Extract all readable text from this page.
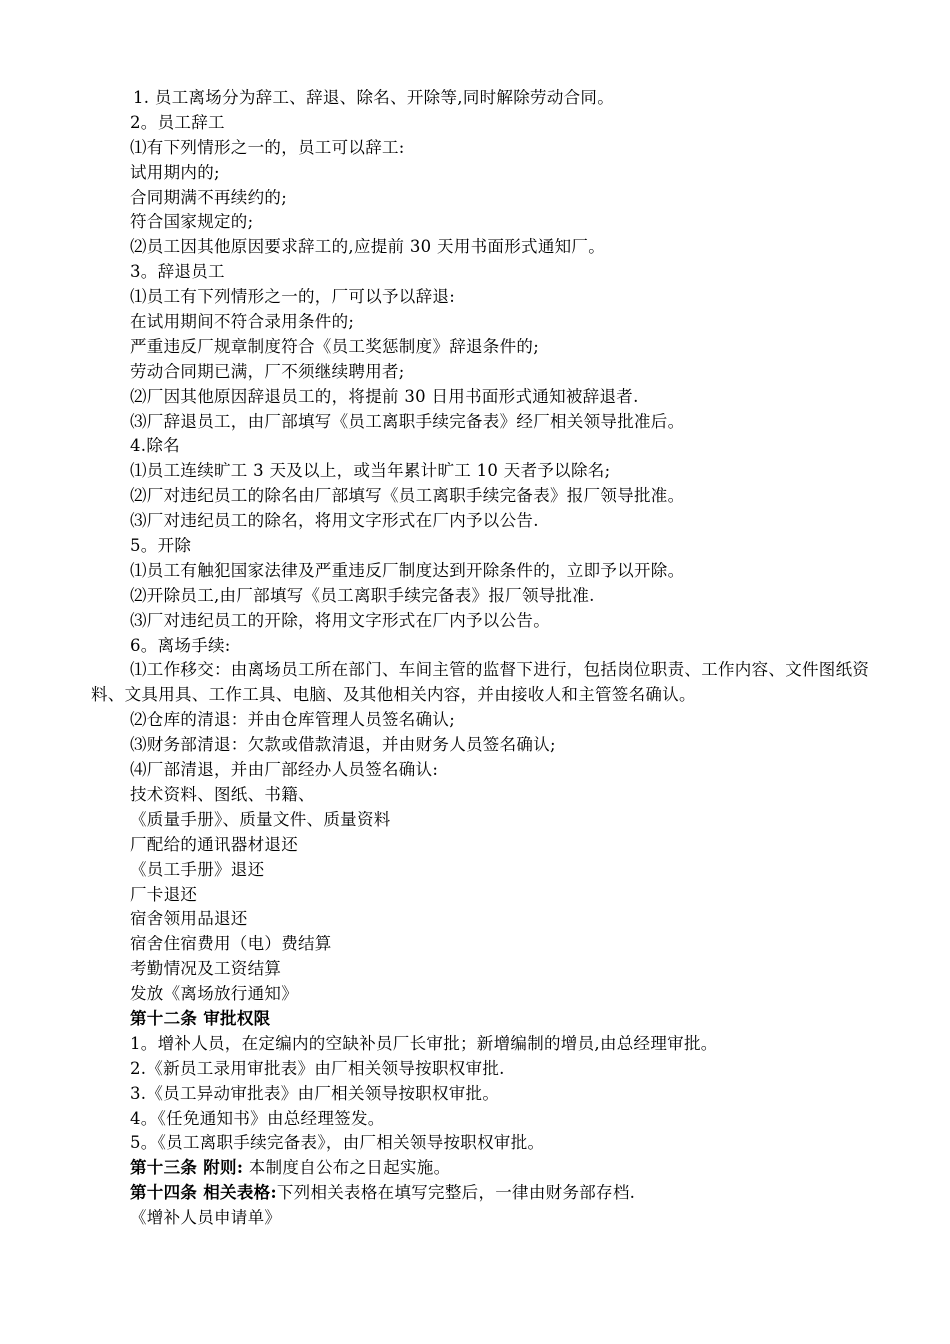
1. 员工离场分为辞工、辞退、除名、开除等,同时解除劳动合同。
2。员工辞工
⑴有下列情形之一的，员工可以辞工:
试用期内的;
合同期满不再续约的;
符合国家规定的;
⑵员工因其他原因要求辞工的,应提前 30 天用书面形式通知厂。
3。辞退员工
⑴员工有下列情形之一的，厂可以予以辞退:
在试用期间不符合录用条件的;
严重违反厂规章制度符合《员工奖惩制度》辞退条件的;
劳动合同期已满，厂不须继续聘用者;
⑵厂因其他原因辞退员工的，将提前 30 日用书面形式通知被辞退者.
⑶厂辞退员工，由厂部填写《员工离职手续完备表》经厂相关领导批准后。
4.除名
⑴员工连续旷工 3 天及以上，或当年累计旷工 10 天者予以除名;
⑵厂对违纪员工的除名由厂部填写《员工离职手续完备表》报厂领导批准。
⑶厂对违纪员工的除名，将用文字形式在厂内予以公告.
5。开除
⑴员工有触犯国家法律及严重违反厂制度达到开除条件的，立即予以开除。
⑵开除员工,由厂部填写《员工离职手续完备表》报厂领导批准.
⑶厂对违纪员工的开除，将用文字形式在厂内予以公告。
6。离场手续:
⑴工作移交：由离场员工所在部门、车间主管的监督下进行，包括岗位职责、工作内容、文件图纸资料、文具用具、工作工具、电脑、及其他相关内容，并由接收人和主管签名确认。
⑵仓库的清退：并由仓库管理人员签名确认;
⑶财务部清退：欠款或借款清退，并由财务人员签名确认;
⑷厂部清退，并由厂部经办人员签名确认:
技术资料、图纸、书籍、
《质量手册》、质量文件、质量资料
厂配给的通讯器材退还
《员工手册》退还
厂卡退还
宿舍领用品退还
宿舍住宿费用（电）费结算
考勤情况及工资结算
发放《离场放行通知》
第十二条 审批权限
1。增补人员，在定编内的空缺补员厂长审批；新增编制的增员,由总经理审批。
2.《新员工录用审批表》由厂相关领导按职权审批.
3.《员工异动审批表》由厂相关领导按职权审批。
4。《任免通知书》由总经理签发。
5。《员工离职手续完备表》，由厂相关领导按职权审批。
第十三条 附则: 本制度自公布之日起实施。
第十四条 相关表格:下列相关表格在填写完整后，一律由财务部存档.
《增补人员申请单》
